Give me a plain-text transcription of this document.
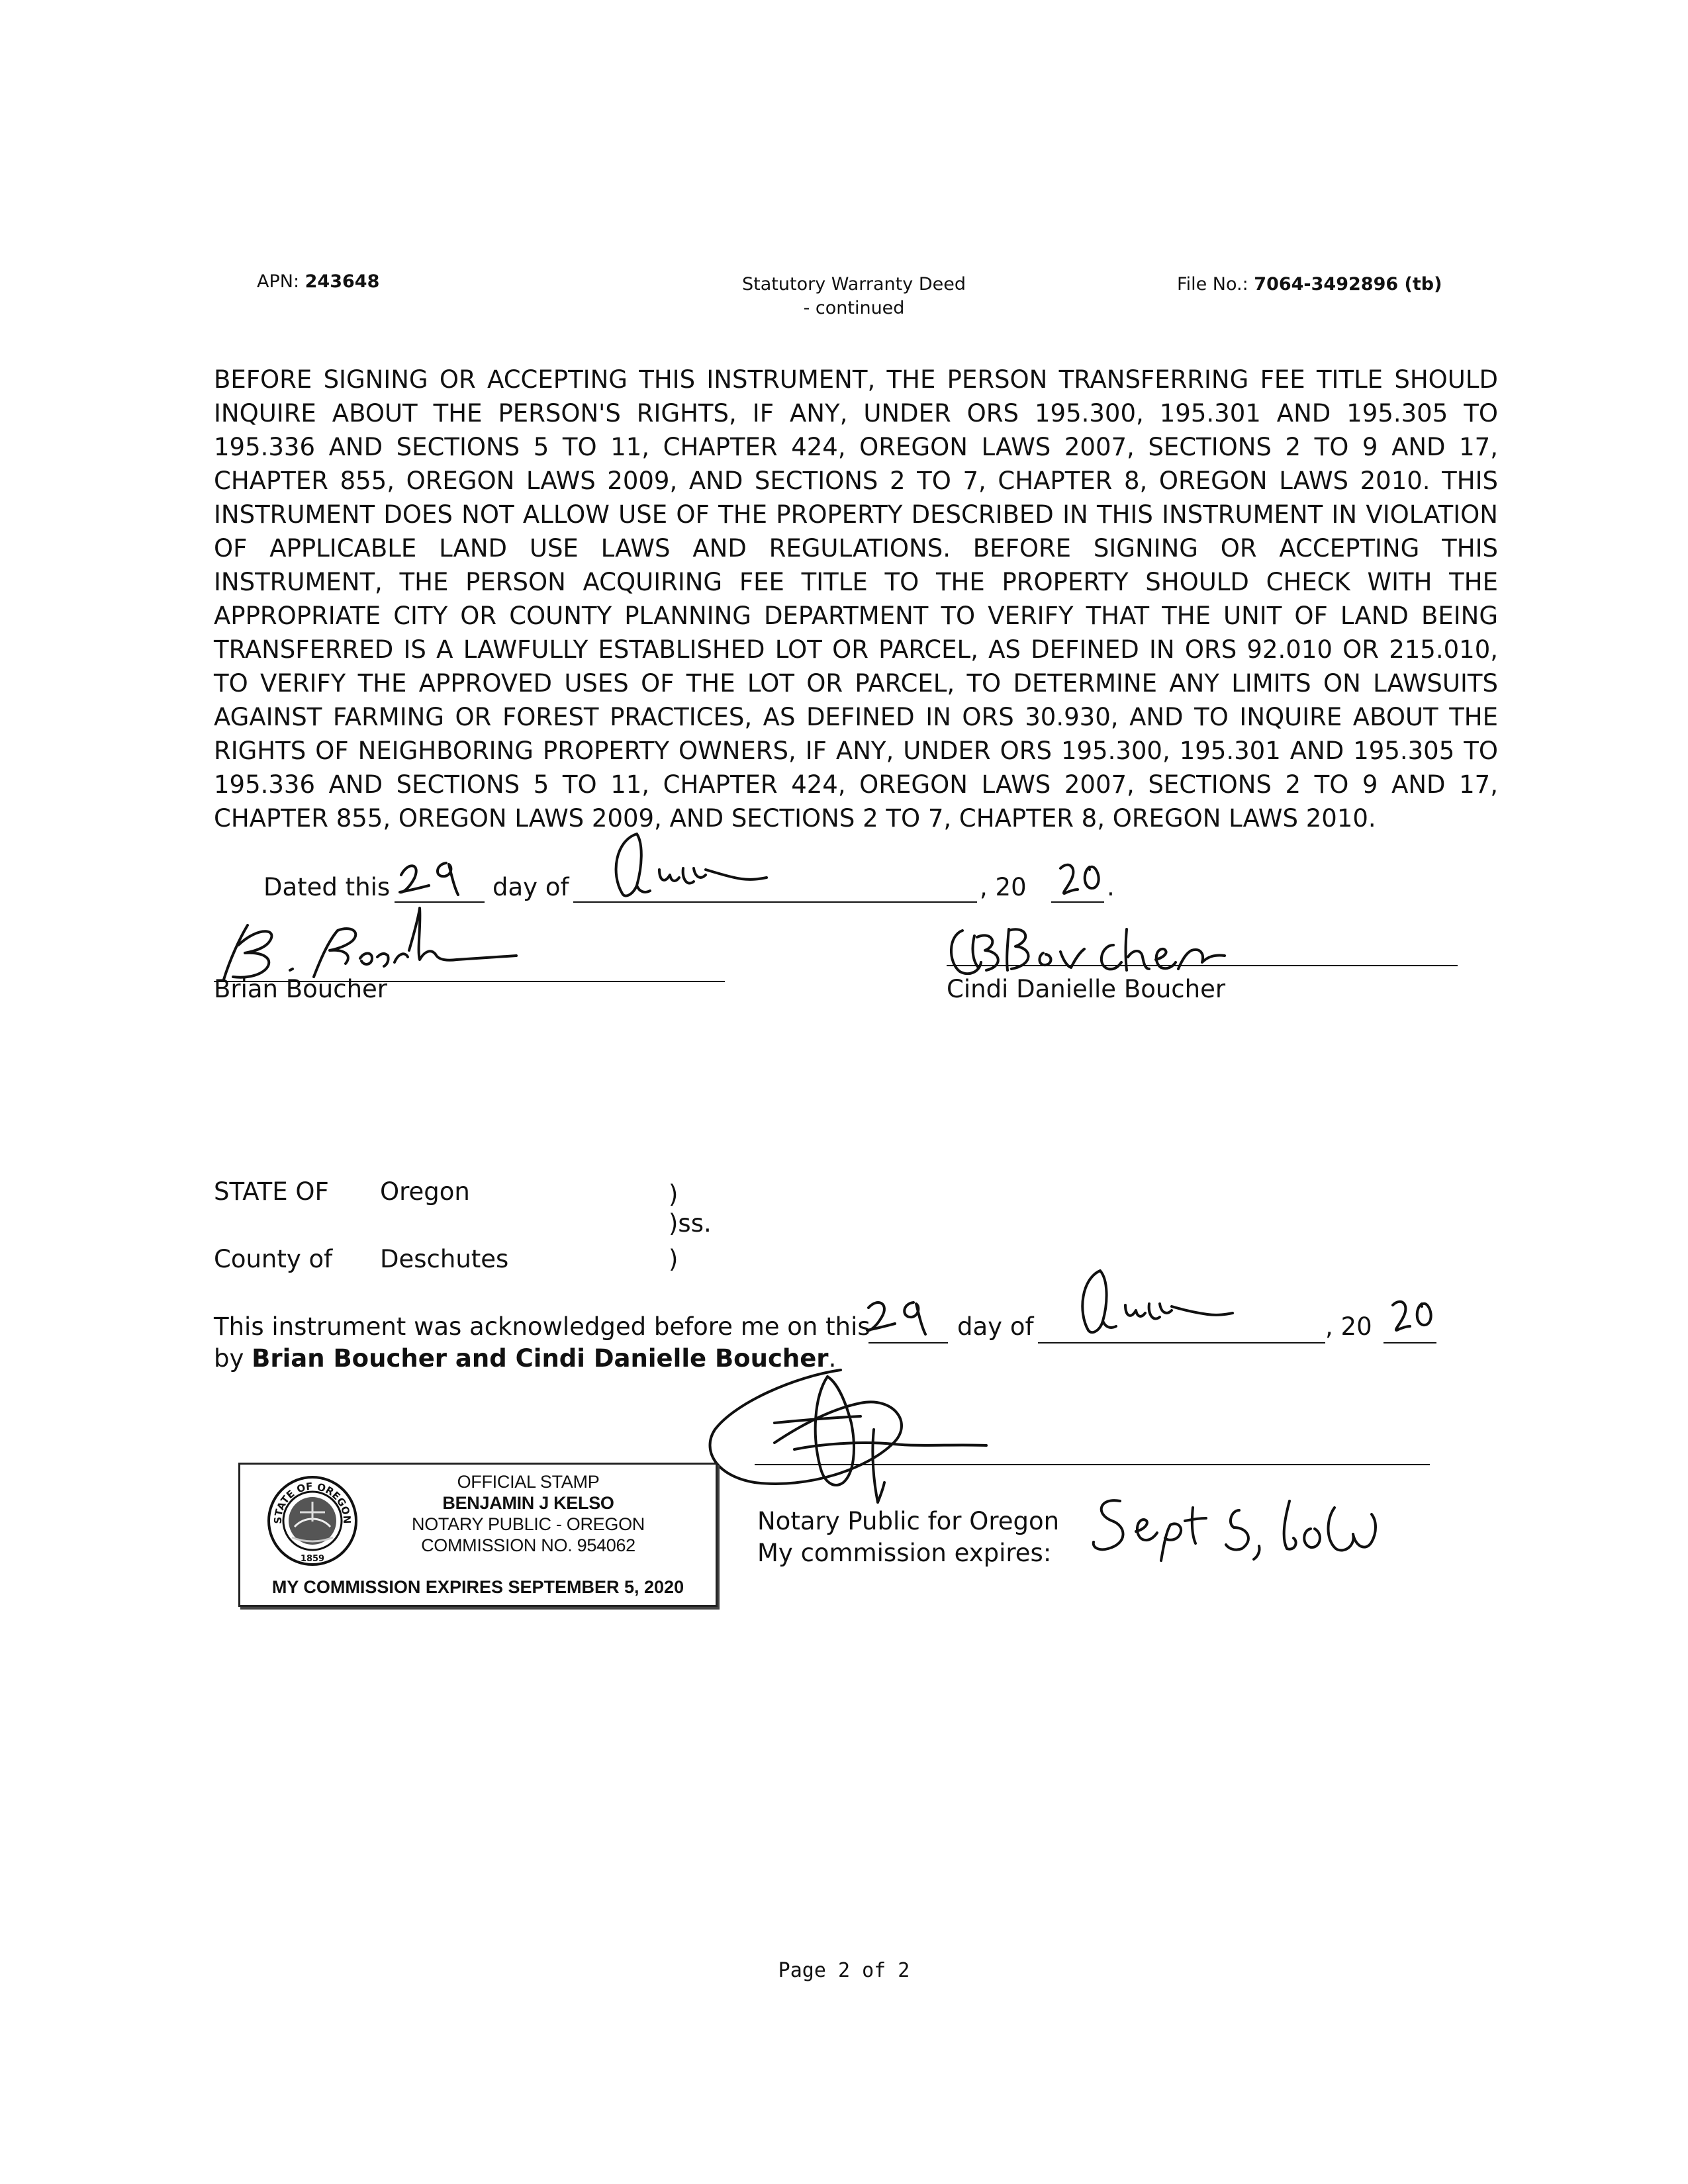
APN: 243648	Statutory Warranty Deed
- continued
File No.: 7064-3492896 (tb)
BEFORE SIGNING OR ACCEPTING THIS INSTRUMENT, THE PERSON TRANSFERRING FEE TITLE SHOULD INQUIRE ABOUT THE PERSON'S RIGHTS, IF ANY, UNDER ORS 195.300, 195.301 AND 195.305 TO 195.336 AND SECTIONS 5 TO 11, CHAPTER 424, OREGON LAWS 2007, SECTIONS 2 TO 9 AND 17, CHAPTER 855, OREGON LAWS 2009, AND SECTIONS 2 TO 7, CHAPTER 8, OREGON LAWS 2010. THIS INSTRUMENT DOES NOT ALLOW USE OF THE PROPERTY DESCRIBED IN THIS INSTRUMENT IN VIOLATION OF APPLICABLE LAND USE LAWS AND REGULATIONS. BEFORE SIGNING OR ACCEPTING THIS INSTRUMENT, THE PERSON ACQUIRING FEE TITLE TO THE PROPERTY SHOULD CHECK WITH THE APPROPRIATE CITY OR COUNTY PLANNING DEPARTMENT TO VERIFY THAT THE UNIT OF LAND BEING TRANSFERRED IS A LAWFULLY ESTABLISHED LOT OR PARCEL, AS DEFINED IN ORS 92.010 OR 215.010, TO VERIFY THE APPROVED USES OF THE LOT OR PARCEL, TO DETERMINE ANY LIMITS ON LAWSUITS AGAINST FARMING OR FOREST PRACTICES, AS DEFINED IN ORS 30.930, AND TO INQUIRE ABOUT THE RIGHTS OF NEIGHBORING PROPERTY OWNERS, IF ANY, UNDER ORS 195.300, 195.301 AND 195.305 TO 195.336 AND SECTIONS 5 TO 11, CHAPTER 424, OREGON LAWS 2007, SECTIONS 2 TO 9 AND 17,
CHAPTER 855, OREGON LAWS 2009, AND SECTIONS 2 TO 7, CHAPTER 8, OREGON LAWS 2010.
Dated this	day of	, 20	.
Brian Boucher	Cindi Danielle Boucher
STATE OF Oregon	)
)ss.
County of Deschutes	)
This instrument was acknowledged before me on this	day of	, 20
by Brian Boucher and Cindi Danielle Boucher.
Notary Public for Oregon
My commission expires:
STATE OF OREGON
1859
OFFICIAL STAMP
BENJAMIN J KELSO
NOTARY PUBLIC - OREGON
COMMISSION NO. 954062
MY COMMISSION EXPIRES SEPTEMBER 5, 2020
Page 2 of 2
